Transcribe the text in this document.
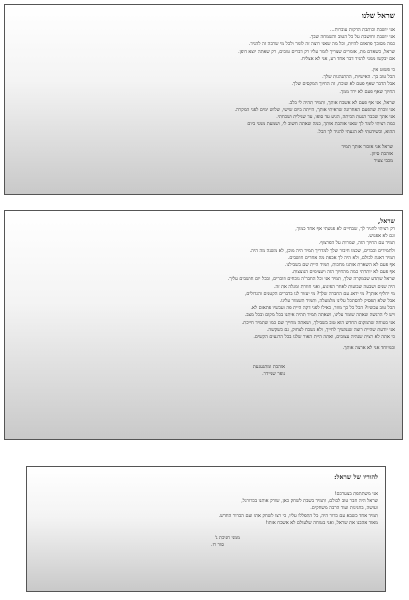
שראל שלנו

אני יושבת וכותבת הדקות עוברות...

אני יושבת וחושבת על כל הטוב והשמחה שבך.

כמה מסובך פתאום להיות, וכל מה שאני רוצה זה לומר ולכל מי שרבה זה להגיד.

שראל, כשאדם מת, אומרים שצריך לומר עליו רק דברים טובים, רק שאתה יוצא דופן.

אם יבקשו ממני להגיד דבר אחד רע, אני לא אצליח.

כי פשוט אין.

הכל טוב בך. האישיות, ההתנהגות שלך.

אבל הדבר שאף פעם לא שוכח, זה החיוך המקסים שלך.

החיוך שאף פעם לא ירד ממך.

שראל, אני אף פעם לא אשכח אותך, ותמיד תהיה לי בלב.

אני זוכרת שהפעם האחרונה שראיתי אותך, הייתה ביום שישי, שלוש ימים לפני המקרה.

אני אתך שכבר הגעת הביתה, הגיע עד סופו, עד שגילית ושכחתי.

כמה רציתי לומר לך שאני אוהבת אותך, כמה שאתה חשוב לי, ושמעת ממני ביום

ההוא, וכשידעתי לא הגעתי להגיד לך הכל.

שראל אני אזכור אותך תמיד

אוהבת סיוון.

מכבי צעיר

שראל,

רק רציתי להגיד לך, שבחיים לא פגשתי אף אחד כמוך,

וגם לא אפגוש.

תמיד עם החיוך הזה, שמרות על הפרצוף.

ולתמידים וכבדים, שכמו חיבור שלך למדריך תמיד היה מוכן, לא משנה מה היה.

תמיד דאגת לכולם, ולא היה לך אכפת מה אחרים חושבים.

אף פעם לא השארת אותנו מחכות, תמיד היית שם בשבילנו.

אף פעם לא יותרתי כמה מהחיוך הזה ויעצימים הנוצצות.

שראל שתדע שבמקרה שלך, תמיד אני וכל החבר'ה נוכחים וזוכרים, ובכל יום חושבים עליך.

היה שנים ושבעה שבועות לאחר הפיגוע, ואני חוזרת ומגלה את זה.

מי יחליף אותך? מי ידאג עם החברה שלך? מי יעזור לנו בדברים הקטנים והגדולים,

אבל שלא תפסיק להסתכל עלינו מלמעלה, ותמיד תשמור עלינו.

הכל טוב עכשיו? הכל כל כך מוזר, כאילו לפני דקה היית פה ועכשיו פתאום לא.

ויש לי הרגשה שאתה שומר עלינו, ושאתה תמיד תהיה איתנו בכל מקום ובכל מצב.

אני בטוחה שהמקום החדש הוא טוב בשבילך, ושאתה מחייך שם כמו שתמיד חייכת.

אני יודעת שהיית רוצה שנמשיך לחייך, ולא נשכח לצחוק, גם כשקשה.

כי אתה לא רצית שנהיה עצובים, ואתה היית האור שלנו בכל הרגעים הקשים.

ובמיוחד אני לא ארצה אותך.

אוהבת ומתגעגעת

נופר שניידר.

להוריו של שראל:

אני משתתפת בצערכם!

שראל היה חבר טוב לכולם, ותמיד בשבת לשחק כאן, שורק אותנו בכדורגל,

ועושה, בחגיגות ועוד הרבה משחקים.

תמיד אחד כשבא עם כדור היה, כל התפללו עליו, כי רצו לשחק אתו ועם הכדור החדש.

מאוד אהבנו את שראל, ואני בטוחה שלעולם לא אשכח אותו!

ממני חניכת ג'

סור רז.
